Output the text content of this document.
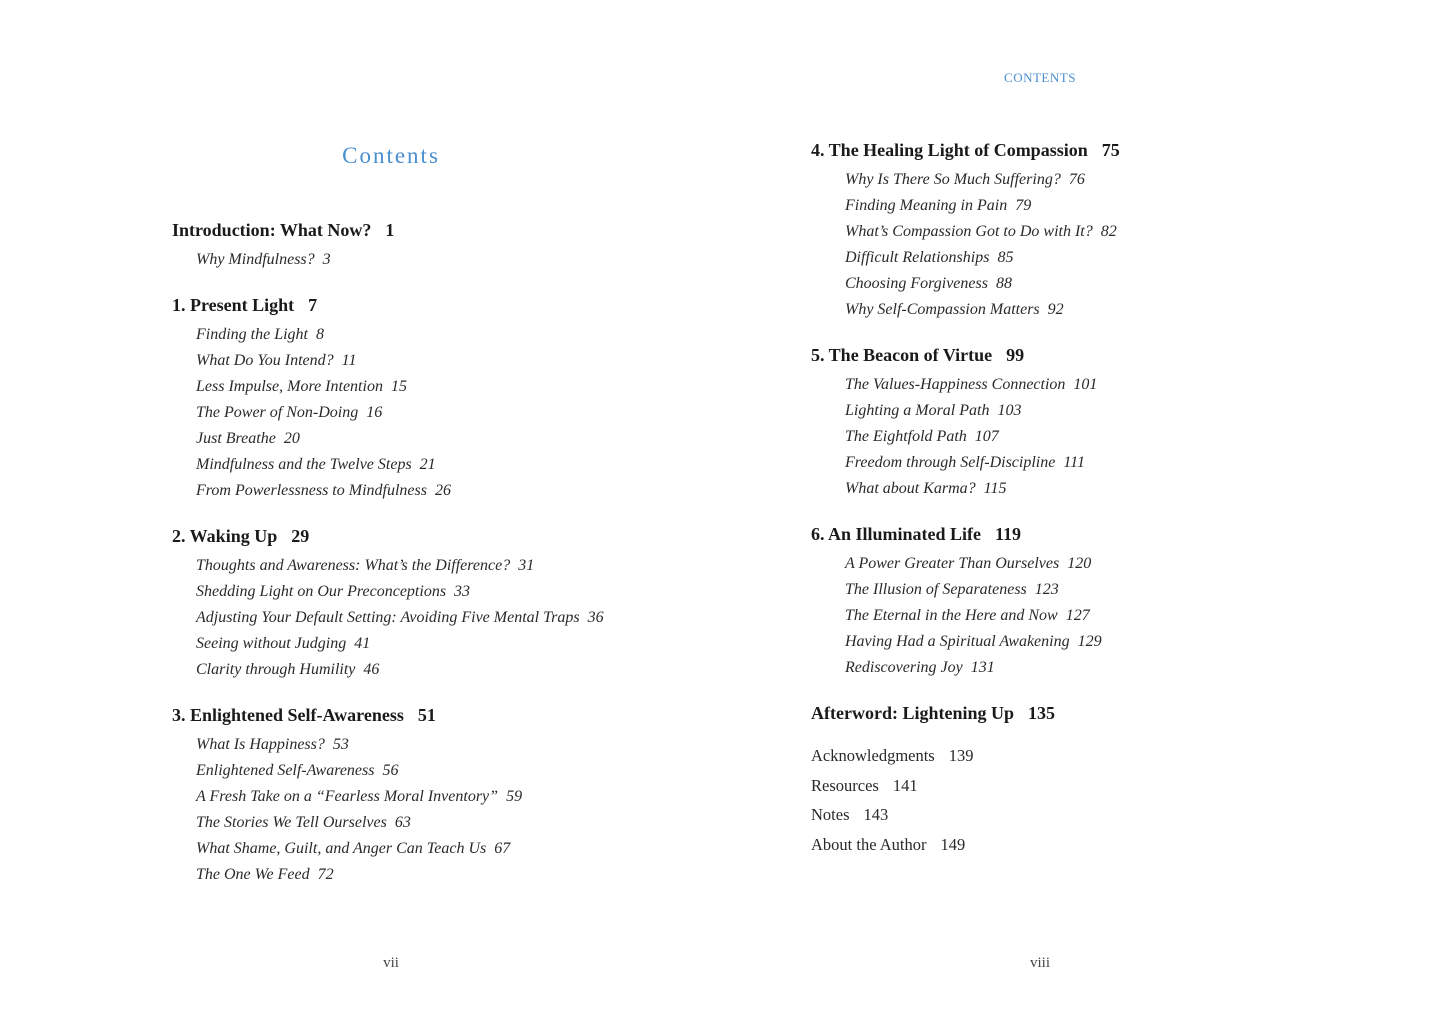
Contents
Introduction: What Now? 1
Why Mindfulness? 3
1. Present Light 7
Finding the Light 8
What Do You Intend? 11
Less Impulse, More Intention 15
The Power of Non-Doing 16
Just Breathe 20
Mindfulness and the Twelve Steps 21
From Powerlessness to Mindfulness 26
2. Waking Up 29
Thoughts and Awareness: What’s the Difference? 31
Shedding Light on Our Preconceptions 33
Adjusting Your Default Setting: Avoiding Five Mental Traps 36
Seeing without Judging 41
Clarity through Humility 46
3. Enlightened Self-Awareness 51
What Is Happiness? 53
Enlightened Self-Awareness 56
A Fresh Take on a “Fearless Moral Inventory” 59
The Stories We Tell Ourselves 63
What Shame, Guilt, and Anger Can Teach Us 67
The One We Feed 72
vii
CONTENTS
4. The Healing Light of Compassion 75
Why Is There So Much Suffering? 76
Finding Meaning in Pain 79
What’s Compassion Got to Do with It? 82
Difficult Relationships 85
Choosing Forgiveness 88
Why Self-Compassion Matters 92
5. The Beacon of Virtue 99
The Values-Happiness Connection 101
Lighting a Moral Path 103
The Eightfold Path 107
Freedom through Self-Discipline 111
What about Karma? 115
6. An Illuminated Life 119
A Power Greater Than Ourselves 120
The Illusion of Separateness 123
The Eternal in the Here and Now 127
Having Had a Spiritual Awakening 129
Rediscovering Joy 131
Afterword: Lightening Up 135
Acknowledgments 139
Resources 141
Notes 143
About the Author 149
viii
